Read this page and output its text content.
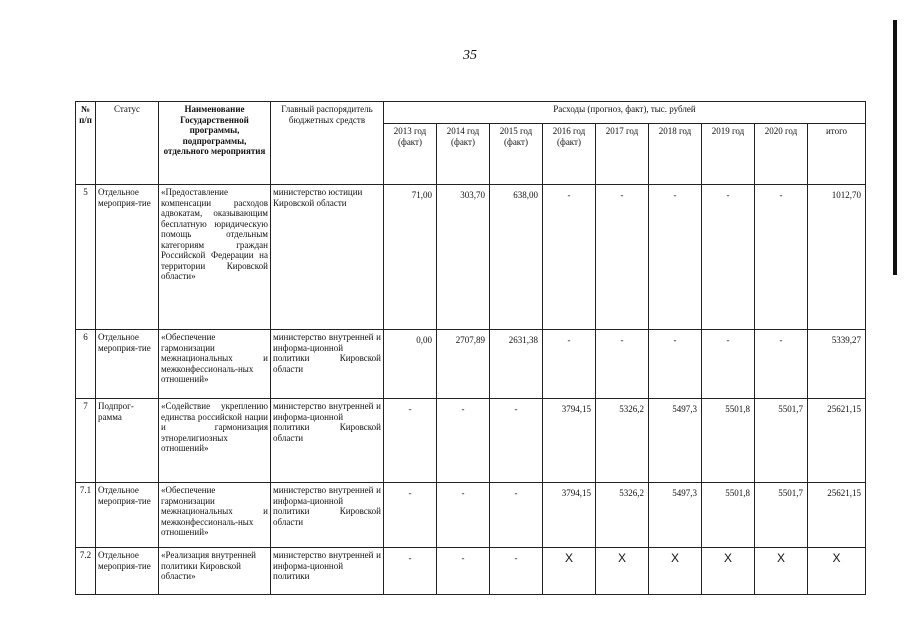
35
№ п/п	Статус	Наименование Государственной программы, подпрограммы, отдельного мероприятия	Главный распорядитель бюджетных средств	Расходы (прогноз, факт), тыс. рублей								
				2013 год (факт)	2014 год (факт)	2015 год (факт)	2016 год (факт)	2017 год	2018 год	2019 год	2020 год	итого
5	Отдельное мероприя-тие	«Предоставление компенсации расходов адвокатам, оказывающим бесплатную юридическую помощь отдельным категориям граждан Российской Федерации на территории Кировской области»	министерство юстиции Кировской области	71,00	303,70	638,00	-	-	-	-	-	1012,70
6	Отдельное мероприя-тие	«Обеспечение гармонизации межнациональных и межконфессиональ-ных отношений»	министерство внутренней и информа-ционной политики Кировской области	0,00	2707,89	2631,38	-	-	-	-	-	5339,27
7	Подпрог-рамма	«Содействие укреплению единства российской нации и гармонизация этнорелигиозных отношений»	министерство внутренней и информа-ционной политики Кировской области	-	-	-	3794,15	5326,2	5497,3	5501,8	5501,7	25621,15
7.1	Отдельное мероприя-тие	«Обеспечение гармонизации межнациональных и межконфессиональ-ных отношений»	министерство внутренней и информа-ционной политики Кировской области	-	-	-	3794,15	5326,2	5497,3	5501,8	5501,7	25621,15
7.2	Отдельное мероприя-тие	«Реализация внутренней политики Кировской области»	министерство внутренней и информа-ционной политики	-	-	-	Х	Х	Х	Х	Х	Х
